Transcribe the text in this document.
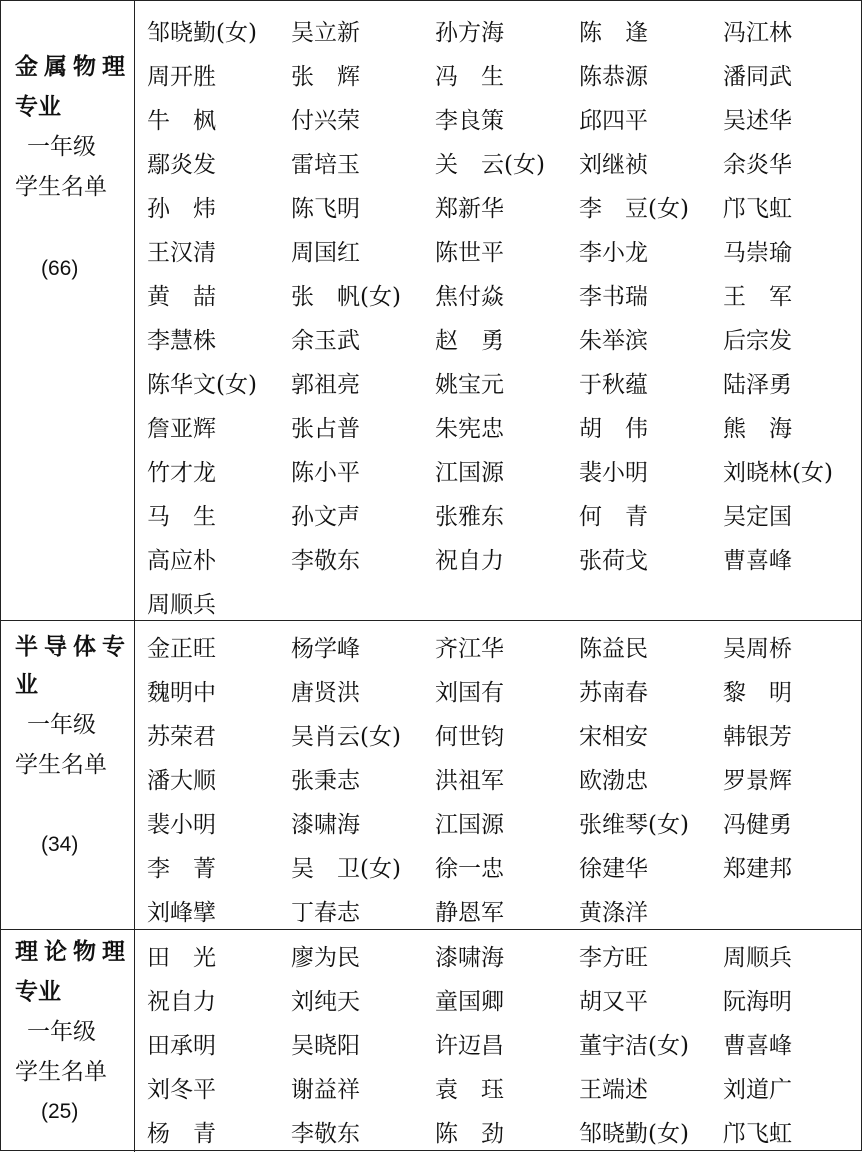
金属物理
专业
一年级
学生名单
(66)
邹晓勤(女) 吴立新	孙方海	陈　逢	冯江林
周开胜	张　辉	冯　生	陈恭源	潘同武
牛　枫	付兴荣	李良策	邱四平	吴述华
鄢炎发	雷培玉	关　云(女) 刘继祯	余炎华
孙　炜	陈飞明	郑新华	李　豆(女) 邝飞虹
王汉清	周国红	陈世平	李小龙	马崇瑜
黄　喆	张　帆(女) 焦付焱	李书瑞	王　军
李慧株	余玉武	赵　勇	朱举滨	后宗发
陈华文(女) 郭祖亮	姚宝元	于秋蕴	陆泽勇
詹亚辉	张占普	朱宪忠	胡　伟	熊　海
竹才龙	陈小平	江国源	裴小明	刘晓林(女)
马　生	孙文声	张雅东	何　青	吴定国
高应朴	李敬东	祝自力	张荷戈	曹喜峰
周顺兵
半导体专
业
一年级
学生名单
(34)
金正旺	杨学峰	齐江华	陈益民	吴周桥
魏明中	唐贤洪	刘国有	苏南春	黎　明
苏荣君	吴肖云(女) 何世钧	宋相安	韩银芳
潘大顺	张秉志	洪祖军	欧渤忠	罗景辉
裴小明	漆啸海	江国源	张维琴(女) 冯健勇
李　菁	吴　卫(女) 徐一忠	徐建华	郑建邦
刘峰擘	丁春志	静恩军	黄涤洋
理论物理
专业
一年级
学生名单
(25)
田　光	廖为民	漆啸海	李方旺	周顺兵
祝自力	刘纯天	童国卿	胡又平	阮海明
田承明	吴晓阳	许迈昌	董宇洁(女) 曹喜峰
刘冬平	谢益祥	袁　珏	王端述	刘道广
杨　青	李敬东	陈　劲	邹晓勤(女) 邝飞虹
